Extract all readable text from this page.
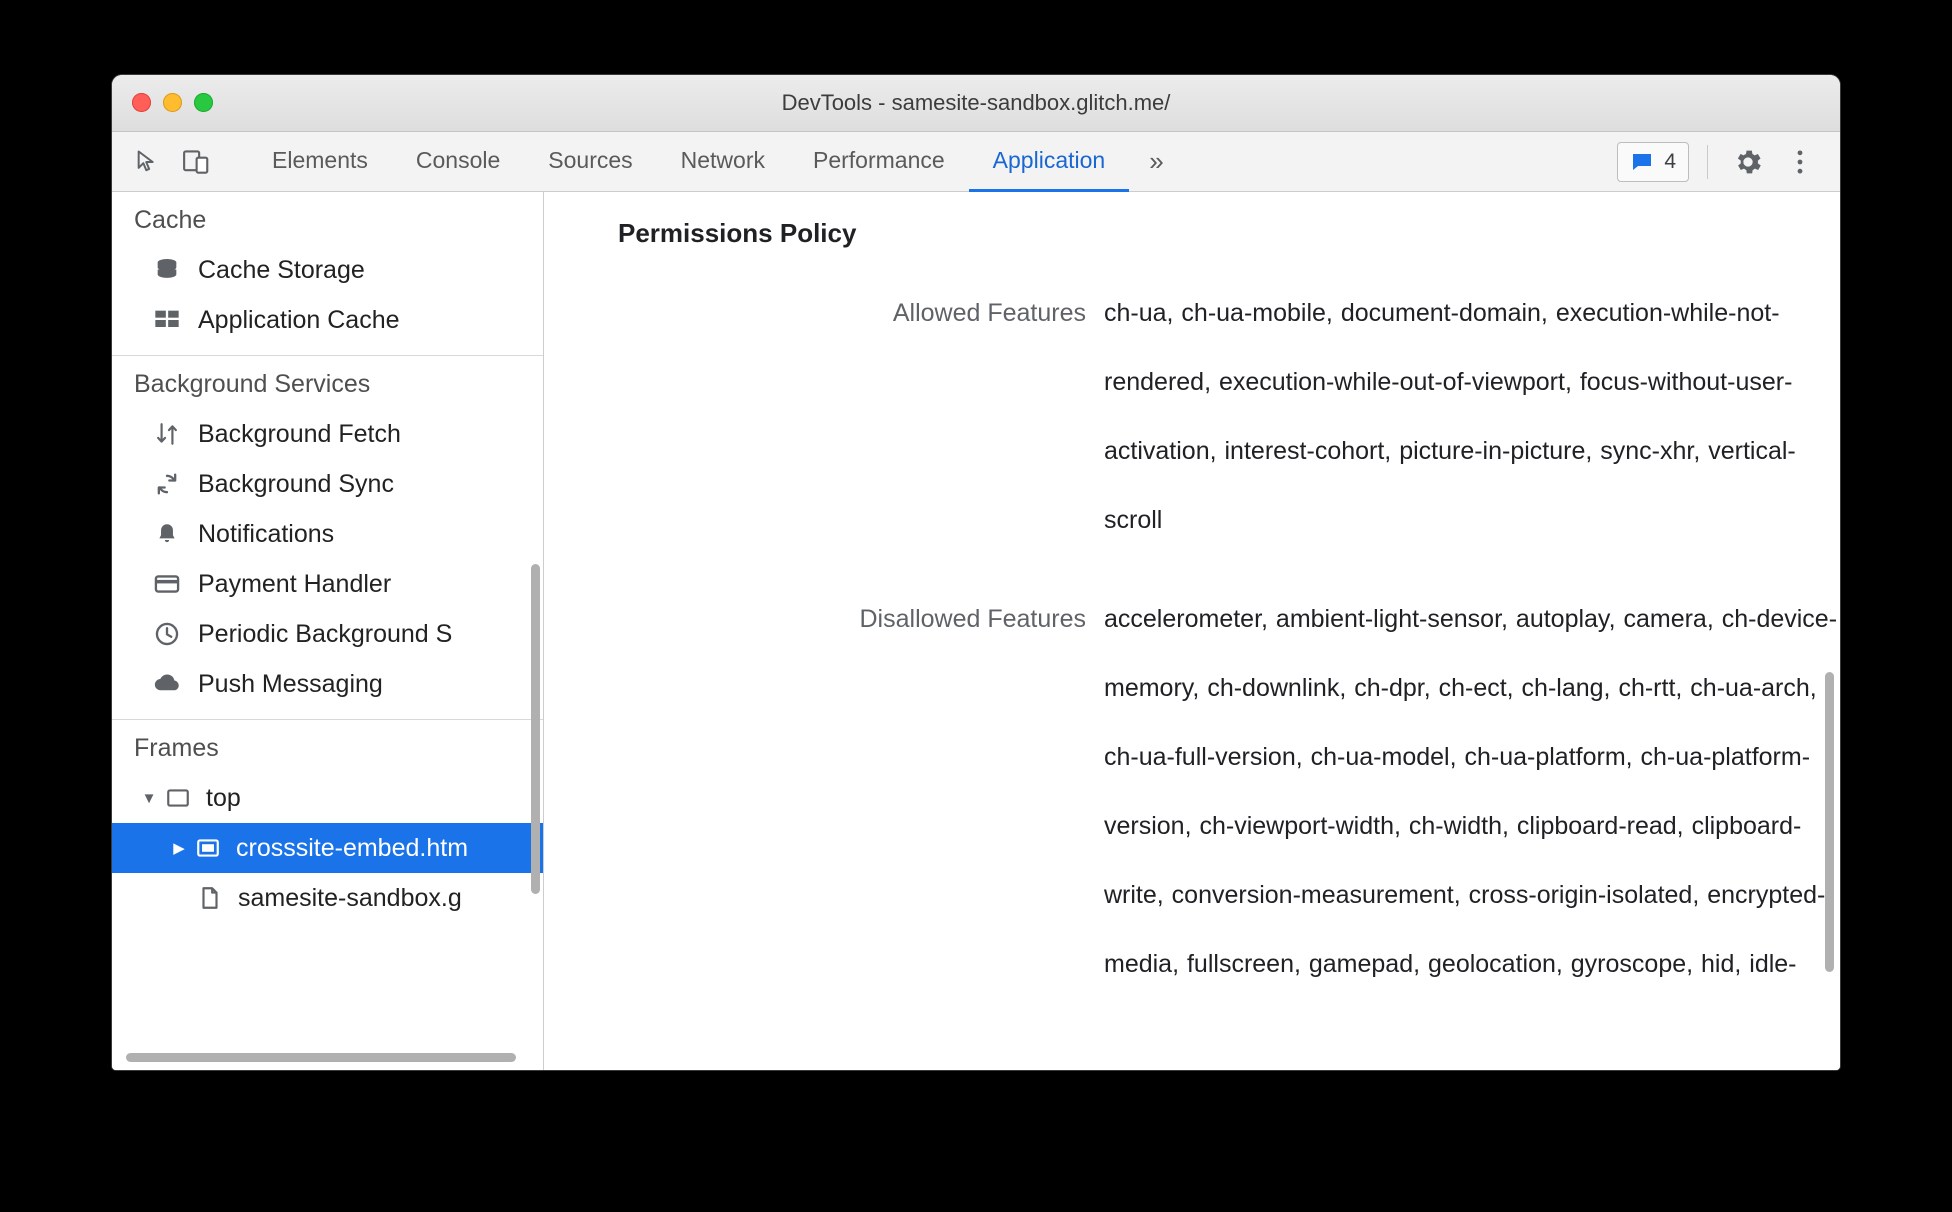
DevTools - samesite-sandbox.glitch.me/
Elements	Console	Sources	Network	Performance	Application	»	4
Cache
Cache Storage
Application Cache
Background Services
Background Fetch
Background Sync
Notifications
Payment Handler
Periodic Background S
Push Messaging
Frames
▼ top
▶ crosssite-embed.htm
samesite-sandbox.g
Permissions Policy
Allowed Features ch-ua, ch-ua-mobile, document-domain, execution-while-not-rendered, execution-while-out-of-viewport, focus-without-user-activation, interest-cohort, picture-in-picture, sync-xhr, vertical-scroll
Disallowed Features accelerometer, ambient-light-sensor, autoplay, camera, ch-device-memory, ch-downlink, ch-dpr, ch-ect, ch-lang, ch-rtt, ch-ua-arch, ch-ua-full-version, ch-ua-model, ch-ua-platform, ch-ua-platform-version, ch-viewport-width, ch-width, clipboard-read, clipboard-write, conversion-measurement, cross-origin-isolated, encrypted-media, fullscreen, gamepad, geolocation, gyroscope, hid, idle-
